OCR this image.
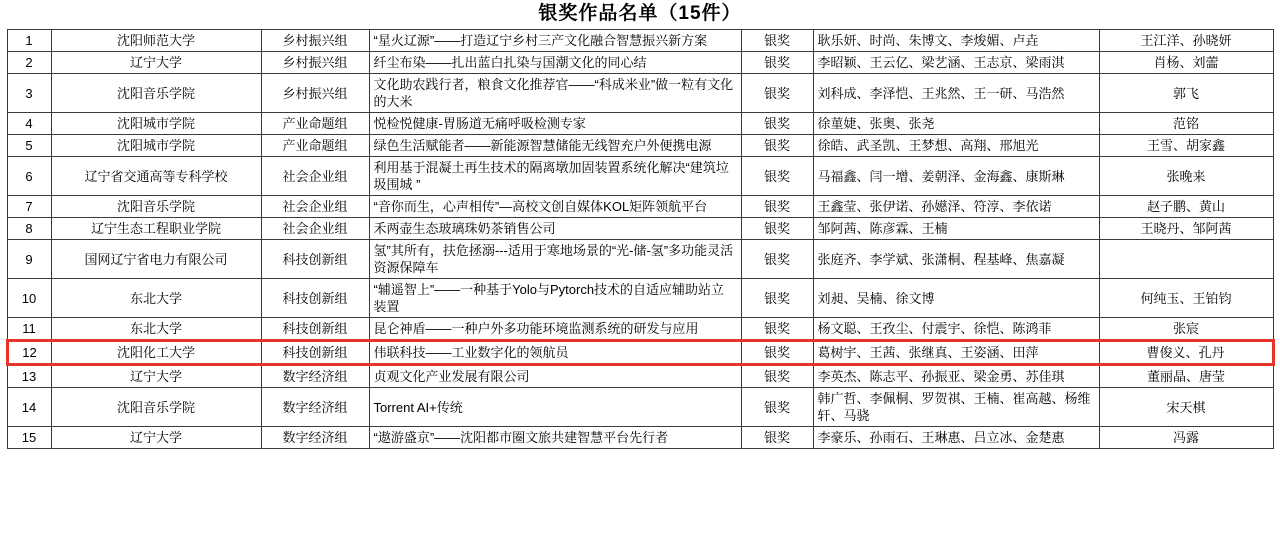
银奖作品名单（15件）
1	沈阳师范大学	乡村振兴组	“星火辽源”——打造辽宁乡村三产文化融合智慧振兴新方案	银奖	耿乐妍、时尚、朱博文、李焌媚、卢垚	王江洋、孙晓妍
2	辽宁大学	乡村振兴组	纤尘布染——扎出蓝白扎染与国潮文化的同心结	银奖	李昭颖、王云亿、梁艺涵、王志京、梁雨淇	肖杨、刘蘦
3	沈阳音乐学院	乡村振兴组	文化助农践行者，粮食文化推荐官——“科成米业”做一粒有文化的大米	银奖	刘科成、李泽恺、王兆然、王一研、马浩然	郭飞
4	沈阳城市学院	产业命题组	悦检悦健康-胃肠道无痛呼吸检测专家	银奖	徐菫婕、张奥、张尧	范铭
5	沈阳城市学院	产业命题组	绿色生活赋能者——新能源智慧储能无线智充户外便携电源	银奖	徐皓、武圣凯、王梦想、高翔、邢旭光	王雪、胡家鑫
6	辽宁省交通高等专科学校	社会企业组	利用基于混凝土再生技术的隔离墩加固装置系统化解决“建筑垃圾围城 ”	银奖	马福鑫、闫一增、姜朝泽、金海鑫、康斯琳	张晚来
7	沈阳音乐学院	社会企业组	“音你而生，心声相传”—高校文创自媒体KOL矩阵领航平台	银奖	王鑫莹、张伊诺、孙嬨泽、符淳、李依诺	赵子鹏、黄山
8	辽宁生态工程职业学院	社会企业组	禾两壶生态玻璃珠奶茶销售公司	银奖	邹阿茜、陈彦霖、王楠	王晓丹、邹阿茜
9	国网辽宁省电力有限公司	科技创新组	氢”其所有，扶危拯溺---适用于寒地场景的“光-储-氢”多功能灵活资源保障车	银奖	张庭齐、李学斌、张潇桐、程基峰、焦嘉凝	
10	东北大学	科技创新组	“辅遥智上”——一种基于Yolo与Pytorch技术的自适应辅助站立装置	银奖	刘昶、吴楠、徐文博	何纯玉、王铂钧
11	东北大学	科技创新组	昆仑神盾——一种户外多功能环境监测系统的研发与应用	银奖	杨文聪、王孜尘、付震宇、徐恺、陈鸿菲	张宸
12	沈阳化工大学	科技创新组	伟联科技——工业数字化的领航员	银奖	葛树宇、王茜、张继真、王姿涵、田萍	曹俊义、孔丹
13	辽宁大学	数字经济组	贞观文化产业发展有限公司	银奖	李英杰、陈志平、孙振亚、梁金勇、苏佳琪	董丽晶、唐莹
14	沈阳音乐学院	数字经济组	Torrent AI+传统	银奖	韩广哲、李佩桐、罗贺祺、王楠、崔高越、杨维轩、马骁	宋天棋
15	辽宁大学	数字经济组	“遨游盛京”——沈阳都市圈文旅共建智慧平台先行者	银奖	李豪乐、孙雨石、王琳惠、吕立冰、金楚惠	冯露
